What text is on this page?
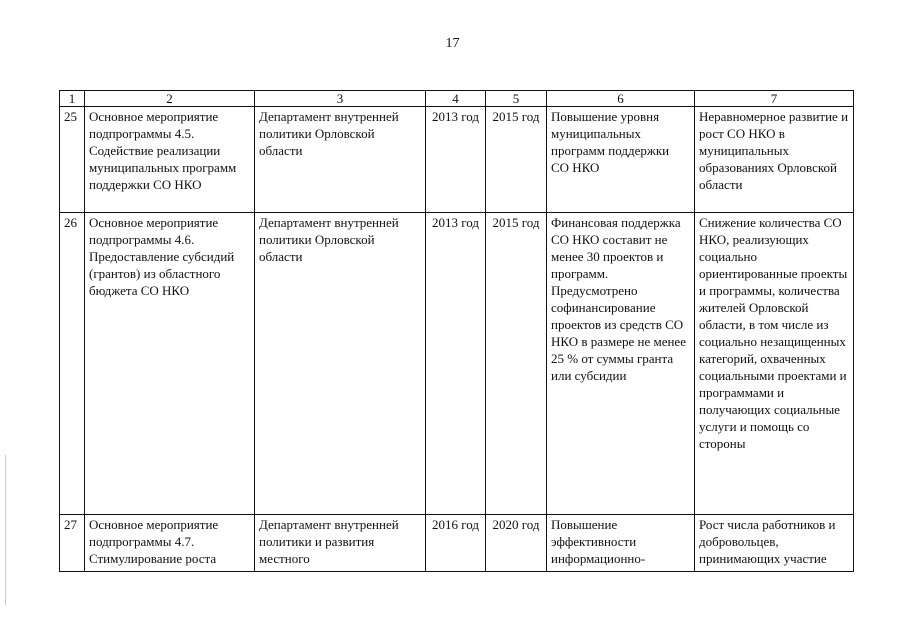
17
1	2	3	4	5	6	7
25	Основное мероприятие подпрограммы 4.5. Содействие реализации муниципальных программ поддержки СО НКО	Департамент внутренней политики Орловской области	2013 год	2015 год	Повышение уровня муниципальных программ поддержки СО НКО	Неравномерное развитие и рост СО НКО в муниципальных образованиях Орловской области
26	Основное мероприятие подпрограммы 4.6. Предоставление субсидий (грантов) из областного бюджета СО НКО	Департамент внутренней политики Орловской области	2013 год	2015 год	Финансовая поддержка СО НКО составит не менее 30 проектов и программ. Предусмотрено софинансирование проектов из средств СО НКО в размере не менее 25 % от суммы гранта или субсидии	Снижение количества СО НКО, реализующих социально ориентированные проекты и программы, количества жителей Орловской области, в том числе из социально незащищенных категорий, охваченных социальными проектами и программами и получающих социальные услуги и помощь со стороны
27	Основное мероприятие подпрограммы 4.7. Стимулирование роста	Департамент внутренней политики и развития местного	2016 год	2020 год	Повышение эффективности информационно-	Рост числа работников и добровольцев, принимающих участие
